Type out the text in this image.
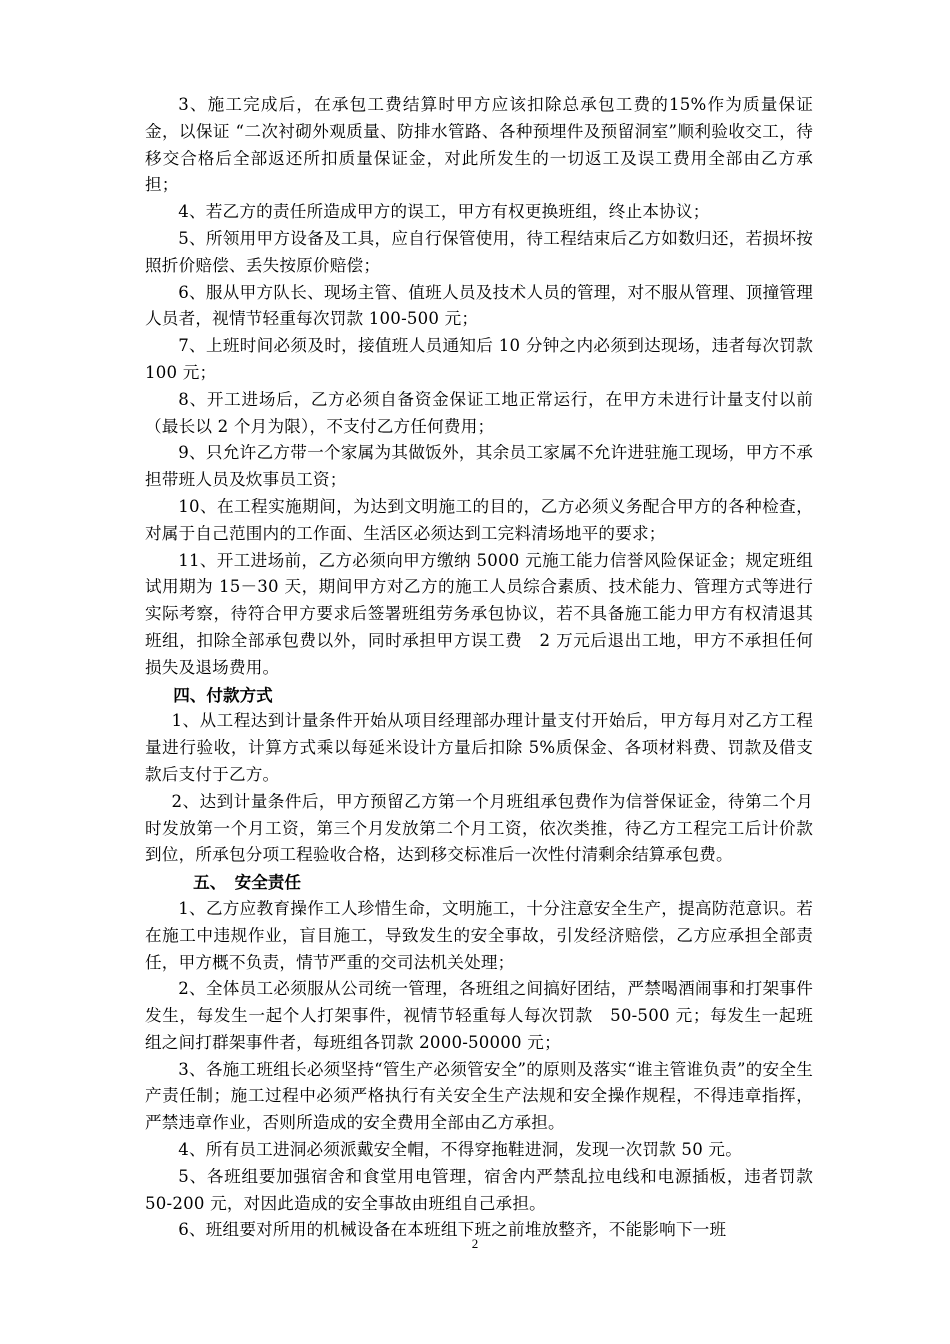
3、施工完成后，在承包工费结算时甲方应该扣除总承包工费的15%作为质量保证金，以保证 “二次衬砌外观质量、防排水管路、各种预埋件及预留洞室”顺利验收交工，待移交合格后全部返还所扣质量保证金，对此所发生的一切返工及误工费用全部由乙方承担；

4、若乙方的责任所造成甲方的误工，甲方有权更换班组，终止本协议；

5、所领用甲方设备及工具，应自行保管使用，待工程结束后乙方如数归还，若损坏按照折价赔偿、丢失按原价赔偿；

6、服从甲方队长、现场主管、值班人员及技术人员的管理，对不服从管理、顶撞管理人员者，视情节轻重每次罚款 100-500 元；

7、上班时间必须及时，接值班人员通知后 10 分钟之内必须到达现场，违者每次罚款 100 元；

8、开工进场后，乙方必须自备资金保证工地正常运行，在甲方未进行计量支付以前（最长以 2 个月为限），不支付乙方任何费用；

9、只允许乙方带一个家属为其做饭外，其余员工家属不允许进驻施工现场，甲方不承担带班人员及炊事员工资；

10、在工程实施期间，为达到文明施工的目的，乙方必须义务配合甲方的各种检查，对属于自己范围内的工作面、生活区必须达到工完料清场地平的要求；

11、开工进场前，乙方必须向甲方缴纳 5000 元施工能力信誉风险保证金；规定班组试用期为 15－30 天，期间甲方对乙方的施工人员综合素质、技术能力、管理方式等进行实际考察，待符合甲方要求后签署班组劳务承包协议，若不具备施工能力甲方有权清退其班组，扣除全部承包费以外，同时承担甲方误工费　2 万元后退出工地，甲方不承担任何损失及退场费用。

四、付款方式

1、从工程达到计量条件开始从项目经理部办理计量支付开始后，甲方每月对乙方工程量进行验收，计算方式乘以每延米设计方量后扣除 5%质保金、各项材料费、罚款及借支款后支付于乙方。

2、达到计量条件后，甲方预留乙方第一个月班组承包费作为信誉保证金，待第二个月时发放第一个月工资，第三个月发放第二个月工资，依次类推，待乙方工程完工后计价款到位，所承包分项工程验收合格，达到移交标准后一次性付清剩余结算承包费。

五、　安全责任

1、乙方应教育操作工人珍惜生命，文明施工，十分注意安全生产，提高防范意识。若在施工中违规作业，盲目施工，导致发生的安全事故，引发经济赔偿，乙方应承担全部责任，甲方概不负责，情节严重的交司法机关处理；

2、全体员工必须服从公司统一管理，各班组之间搞好团结，严禁喝酒闹事和打架事件发生，每发生一起个人打架事件，视情节轻重每人每次罚款　50-500 元；每发生一起班组之间打群架事件者，每班组各罚款 2000-50000 元；

3、各施工班组长必须坚持“管生产必须管安全”的原则及落实“谁主管谁负责”的安全生产责任制；施工过程中必须严格执行有关安全生产法规和安全操作规程，不得违章指挥，严禁违章作业，否则所造成的安全费用全部由乙方承担。

4、所有员工进洞必须派戴安全帽，不得穿拖鞋进洞，发现一次罚款 50 元。

5、各班组要加强宿舍和食堂用电管理，宿舍内严禁乱拉电线和电源插板，违者罚款 50-200 元，对因此造成的安全事故由班组自己承担。

6、班组要对所用的机械设备在本班组下班之前堆放整齐，不能影响下一班

2
